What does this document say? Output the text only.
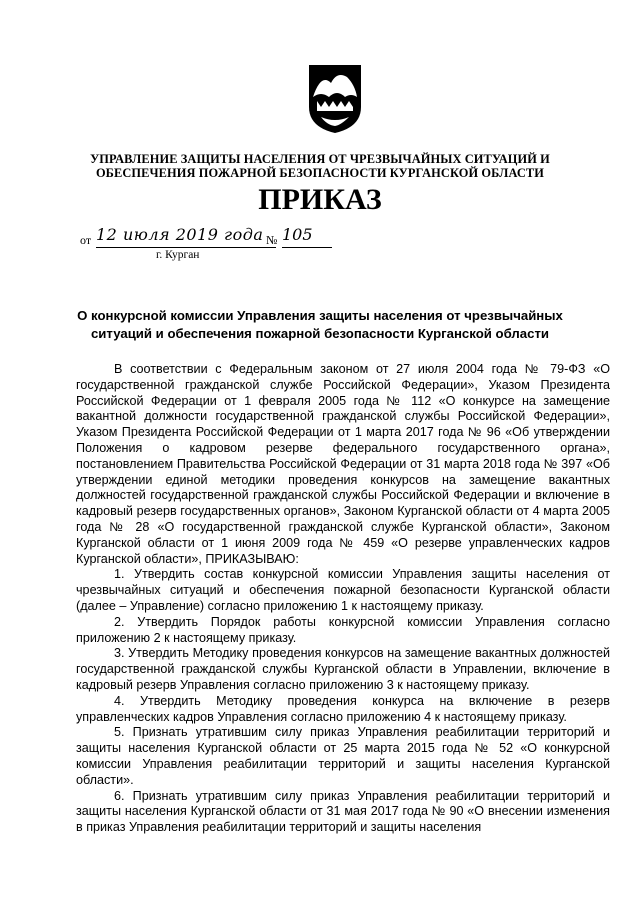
УПРАВЛЕНИЕ ЗАЩИТЫ НАСЕЛЕНИЯ ОТ ЧРЕЗВЫЧАЙНЫХ СИТУАЦИЙ И
ОБЕСПЕЧЕНИЯ ПОЖАРНОЙ БЕЗОПАСНОСТИ КУРГАНСКОЙ ОБЛАСТИ
ПРИКАЗ
от 12 июля 2019 года № 105
г. Курган
О конкурсной комиссии Управления защиты населения от чрезвычайных
ситуаций и обеспечения пожарной безопасности Курганской области

В соответствии с Федеральным законом от 27 июля 2004 года № 79-ФЗ «О государственной гражданской службе Российской Федерации», Указом Президента Российской Федерации от 1 февраля 2005 года № 112 «О конкурсе на замещение вакантной должности государственной гражданской службы Российской Федерации», Указом Президента Российской Федерации от 1 марта 2017 года № 96 «Об утверждении Положения о кадровом резерве федерального государственного органа», постановлением Правительства Российской Федерации от 31 марта 2018 года № 397 «Об утверждении единой методики проведения конкурсов на замещение вакантных должностей государственной гражданской службы Российской Федерации и включение в кадровый резерв государственных органов», Законом Курганской области от 4 марта 2005 года № 28 «О государственной гражданской службе Курганской области», Законом Курганской области от 1 июня 2009 года № 459 «О резерве управленческих кадров Курганской области», ПРИКАЗЫВАЮ:

1. Утвердить состав конкурсной комиссии Управления защиты населения от чрезвычайных ситуаций и обеспечения пожарной безопасности Курганской области (далее – Управление) согласно приложению 1 к настоящему приказу.

2. Утвердить Порядок работы конкурсной комиссии Управления согласно приложению 2 к настоящему приказу.

3. Утвердить Методику проведения конкурсов на замещение вакантных должностей государственной гражданской службы Курганской области в Управлении, включение в кадровый резерв Управления согласно приложению 3 к настоящему приказу.

4. Утвердить Методику проведения конкурса на включение в резерв управленческих кадров Управления согласно приложению 4 к настоящему приказу.

5. Признать утратившим силу приказ Управления реабилитации территорий и защиты населения Курганской области от 25 марта 2015 года № 52 «О конкурсной комиссии Управления реабилитации территорий и защиты населения Курганской области».

6. Признать утратившим силу приказ Управления реабилитации территорий и защиты населения Курганской области от 31 мая 2017 года № 90 «О внесении изменения в приказ Управления реабилитации территорий и защиты населения
